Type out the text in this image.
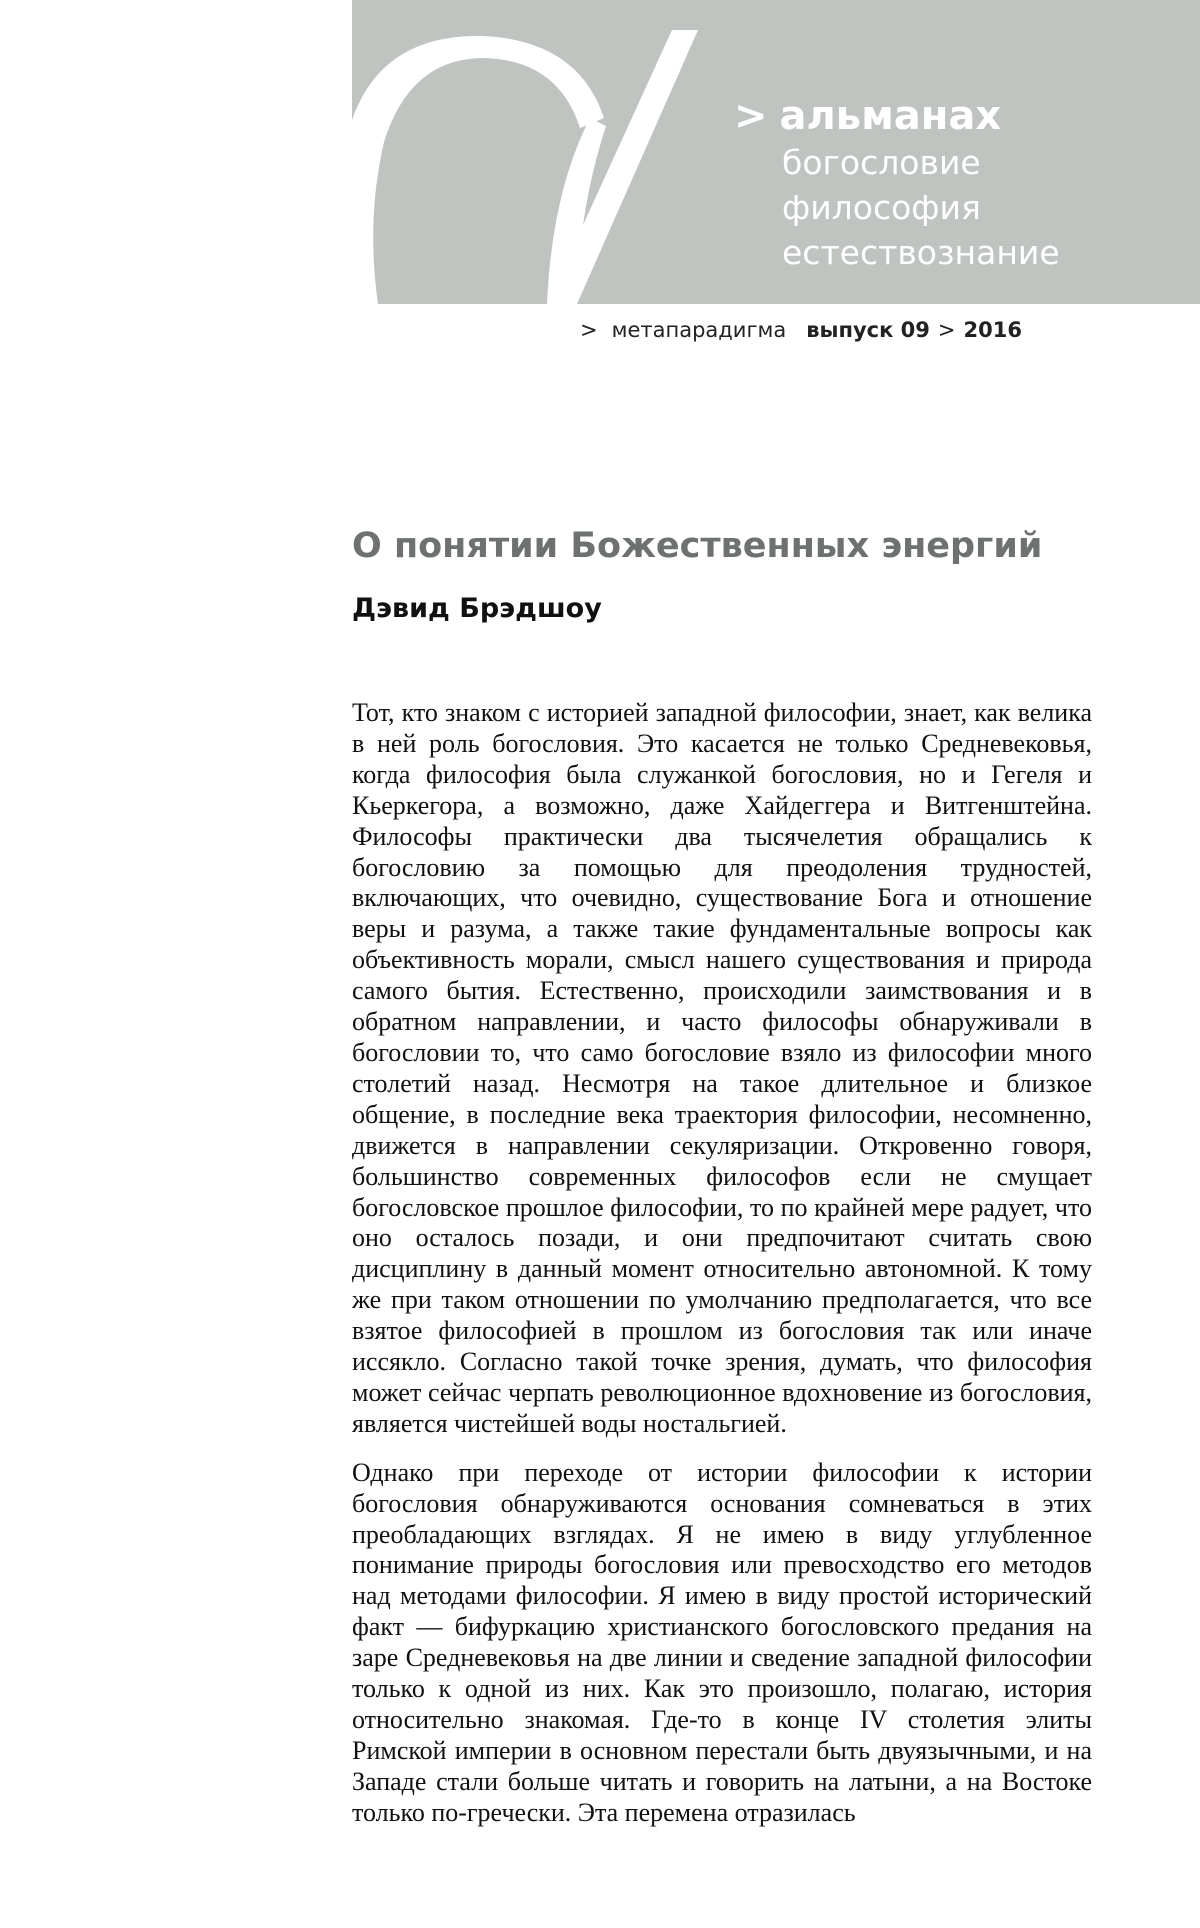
> альманах
богословие
философия
естествознание
> метапарадигма выпуск 09 > 2016
О понятии Божественных энергий
Дэвид Брэдшоу

Тот, кто знаком с историей западной философии, знает, как велика в ней роль богословия. Это касается не только Средневековья, когда философия была служанкой богословия, но и Гегеля и Кьеркегора, а возможно, даже Хайдеггера и Витгенштейна. Философы практически два тысячелетия обращались к богословию за помощью для преодоления трудностей, включающих, что очевидно, существование Бога и отношение веры и разума, а также такие фундаментальные вопросы как объективность морали, смысл нашего существования и природа самого бытия. Естественно, происходили заимствования и в обратном направлении, и часто философы обнаруживали в богословии то, что само богословие взяло из философии много столетий назад. Несмотря на такое длительное и близкое общение, в последние века траектория философии, несомненно, движется в направлении секуляризации. Откровенно говоря, большинство современных философов если не смущает богословское прошлое философии, то по крайней мере радует, что оно осталось позади, и они предпочитают считать свою дисциплину в данный момент относительно автономной. К тому же при таком отношении по умолчанию предполагается, что все взятое философией в прошлом из богословия так или иначе иссякло. Согласно такой точке зрения, думать, что философия может сейчас черпать революционное вдохновение из богословия, является чистейшей воды ностальгией.

Однако при переходе от истории философии к истории богословия обнаруживаются основания сомневаться в этих преобладающих взглядах. Я не имею в виду углубленное понимание природы богословия или превосходство его методов над методами философии. Я имею в виду простой исторический факт — бифуркацию христианского богословского предания на заре Средневековья на две линии и сведение западной философии только к одной из них. Как это произошло, полагаю, история относительно знакомая. Где-то в конце IV столетия элиты Римской империи в основном перестали быть двуязычными, и на Западе стали больше читать и говорить на латыни, а на Востоке только по-гречески. Эта перемена отразилась
